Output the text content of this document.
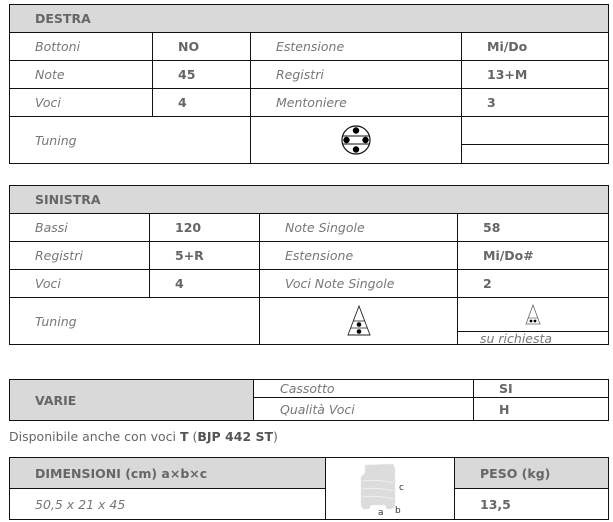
DESTRA
Bottoni	NO	Estensione	Mi/Do
Note	45	Registri	13+M
Voci	4	Mentoniere	3
Tuning
SINISTRA
Bassi	120	Note Singole	58
Registri	5+R	Estensione	Mi/Do#
Voci	4	Voci Note Singole	2
Tuning
su richiesta
VARIE
Cassotto	SI
Qualità Voci	H
Disponibile anche con voci T (BJP 442 ST)
DIMENSIONI (cm) a×b×c	PESO (kg)
50,5 x 21 x 45	13,5
c
a b
